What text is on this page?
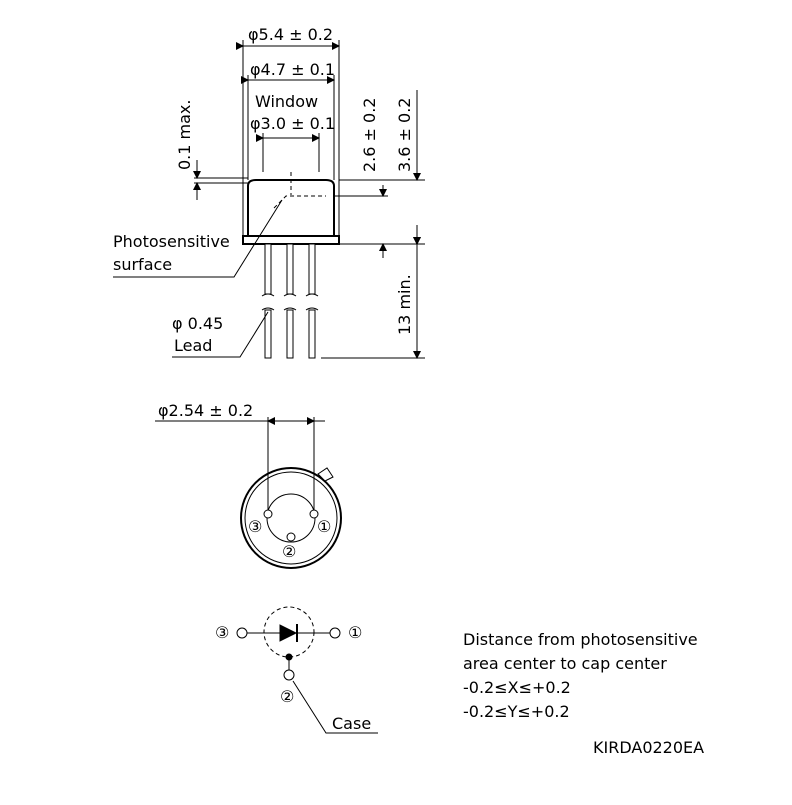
φ5.4 ± 0.2
φ4.7 ± 0.1
Window
φ3.0 ± 0.1
0.1 max.	2.6 ± 0.2 3.6 ± 0.2
13 min.
Photosensitive
surface
φ 0.45
Lead
φ2.54 ± 0.2
③	①
②
③	①
②
Case
Distance from photosensitive
area center to cap center
-0.2≤X≤+0.2
-0.2≤Y≤+0.2
KIRDA0220EA
